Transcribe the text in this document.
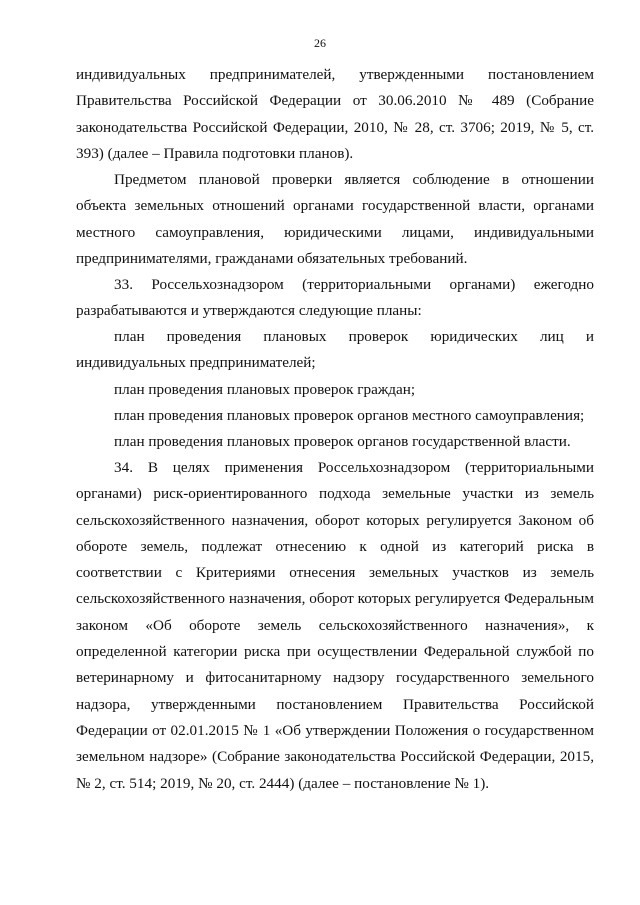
26

индивидуальных предпринимателей, утвержденными постановлением Правительства Российской Федерации от 30.06.2010 № 489 (Собрание законодательства Российской Федерации, 2010, № 28, ст. 3706; 2019, № 5, ст. 393) (далее – Правила подготовки планов).

Предметом плановой проверки является соблюдение в отношении объекта земельных отношений органами государственной власти, органами местного самоуправления, юридическими лицами, индивидуальными предпринимателями, гражданами обязательных требований.

33. Россельхознадзором (территориальными органами) ежегодно разрабатываются и утверждаются следующие планы:

план проведения плановых проверок юридических лиц и индивидуальных предпринимателей;

план проведения плановых проверок граждан;

план проведения плановых проверок органов местного самоуправления;

план проведения плановых проверок органов государственной власти.

34. В целях применения Россельхознадзором (территориальными органами) риск-ориентированного подхода земельные участки из земель сельскохозяйственного назначения, оборот которых регулируется Законом об обороте земель, подлежат отнесению к одной из категорий риска в соответствии с Критериями отнесения земельных участков из земель сельскохозяйственного назначения, оборот которых регулируется Федеральным законом «Об обороте земель сельскохозяйственного назначения», к определенной категории риска при осуществлении Федеральной службой по ветеринарному и фитосанитарному надзору государственного земельного надзора, утвержденными постановлением Правительства Российской Федерации от 02.01.2015 № 1 «Об утверждении Положения о государственном земельном надзоре» (Собрание законодательства Российской Федерации, 2015, № 2, ст. 514; 2019, № 20, ст. 2444) (далее – постановление № 1).
